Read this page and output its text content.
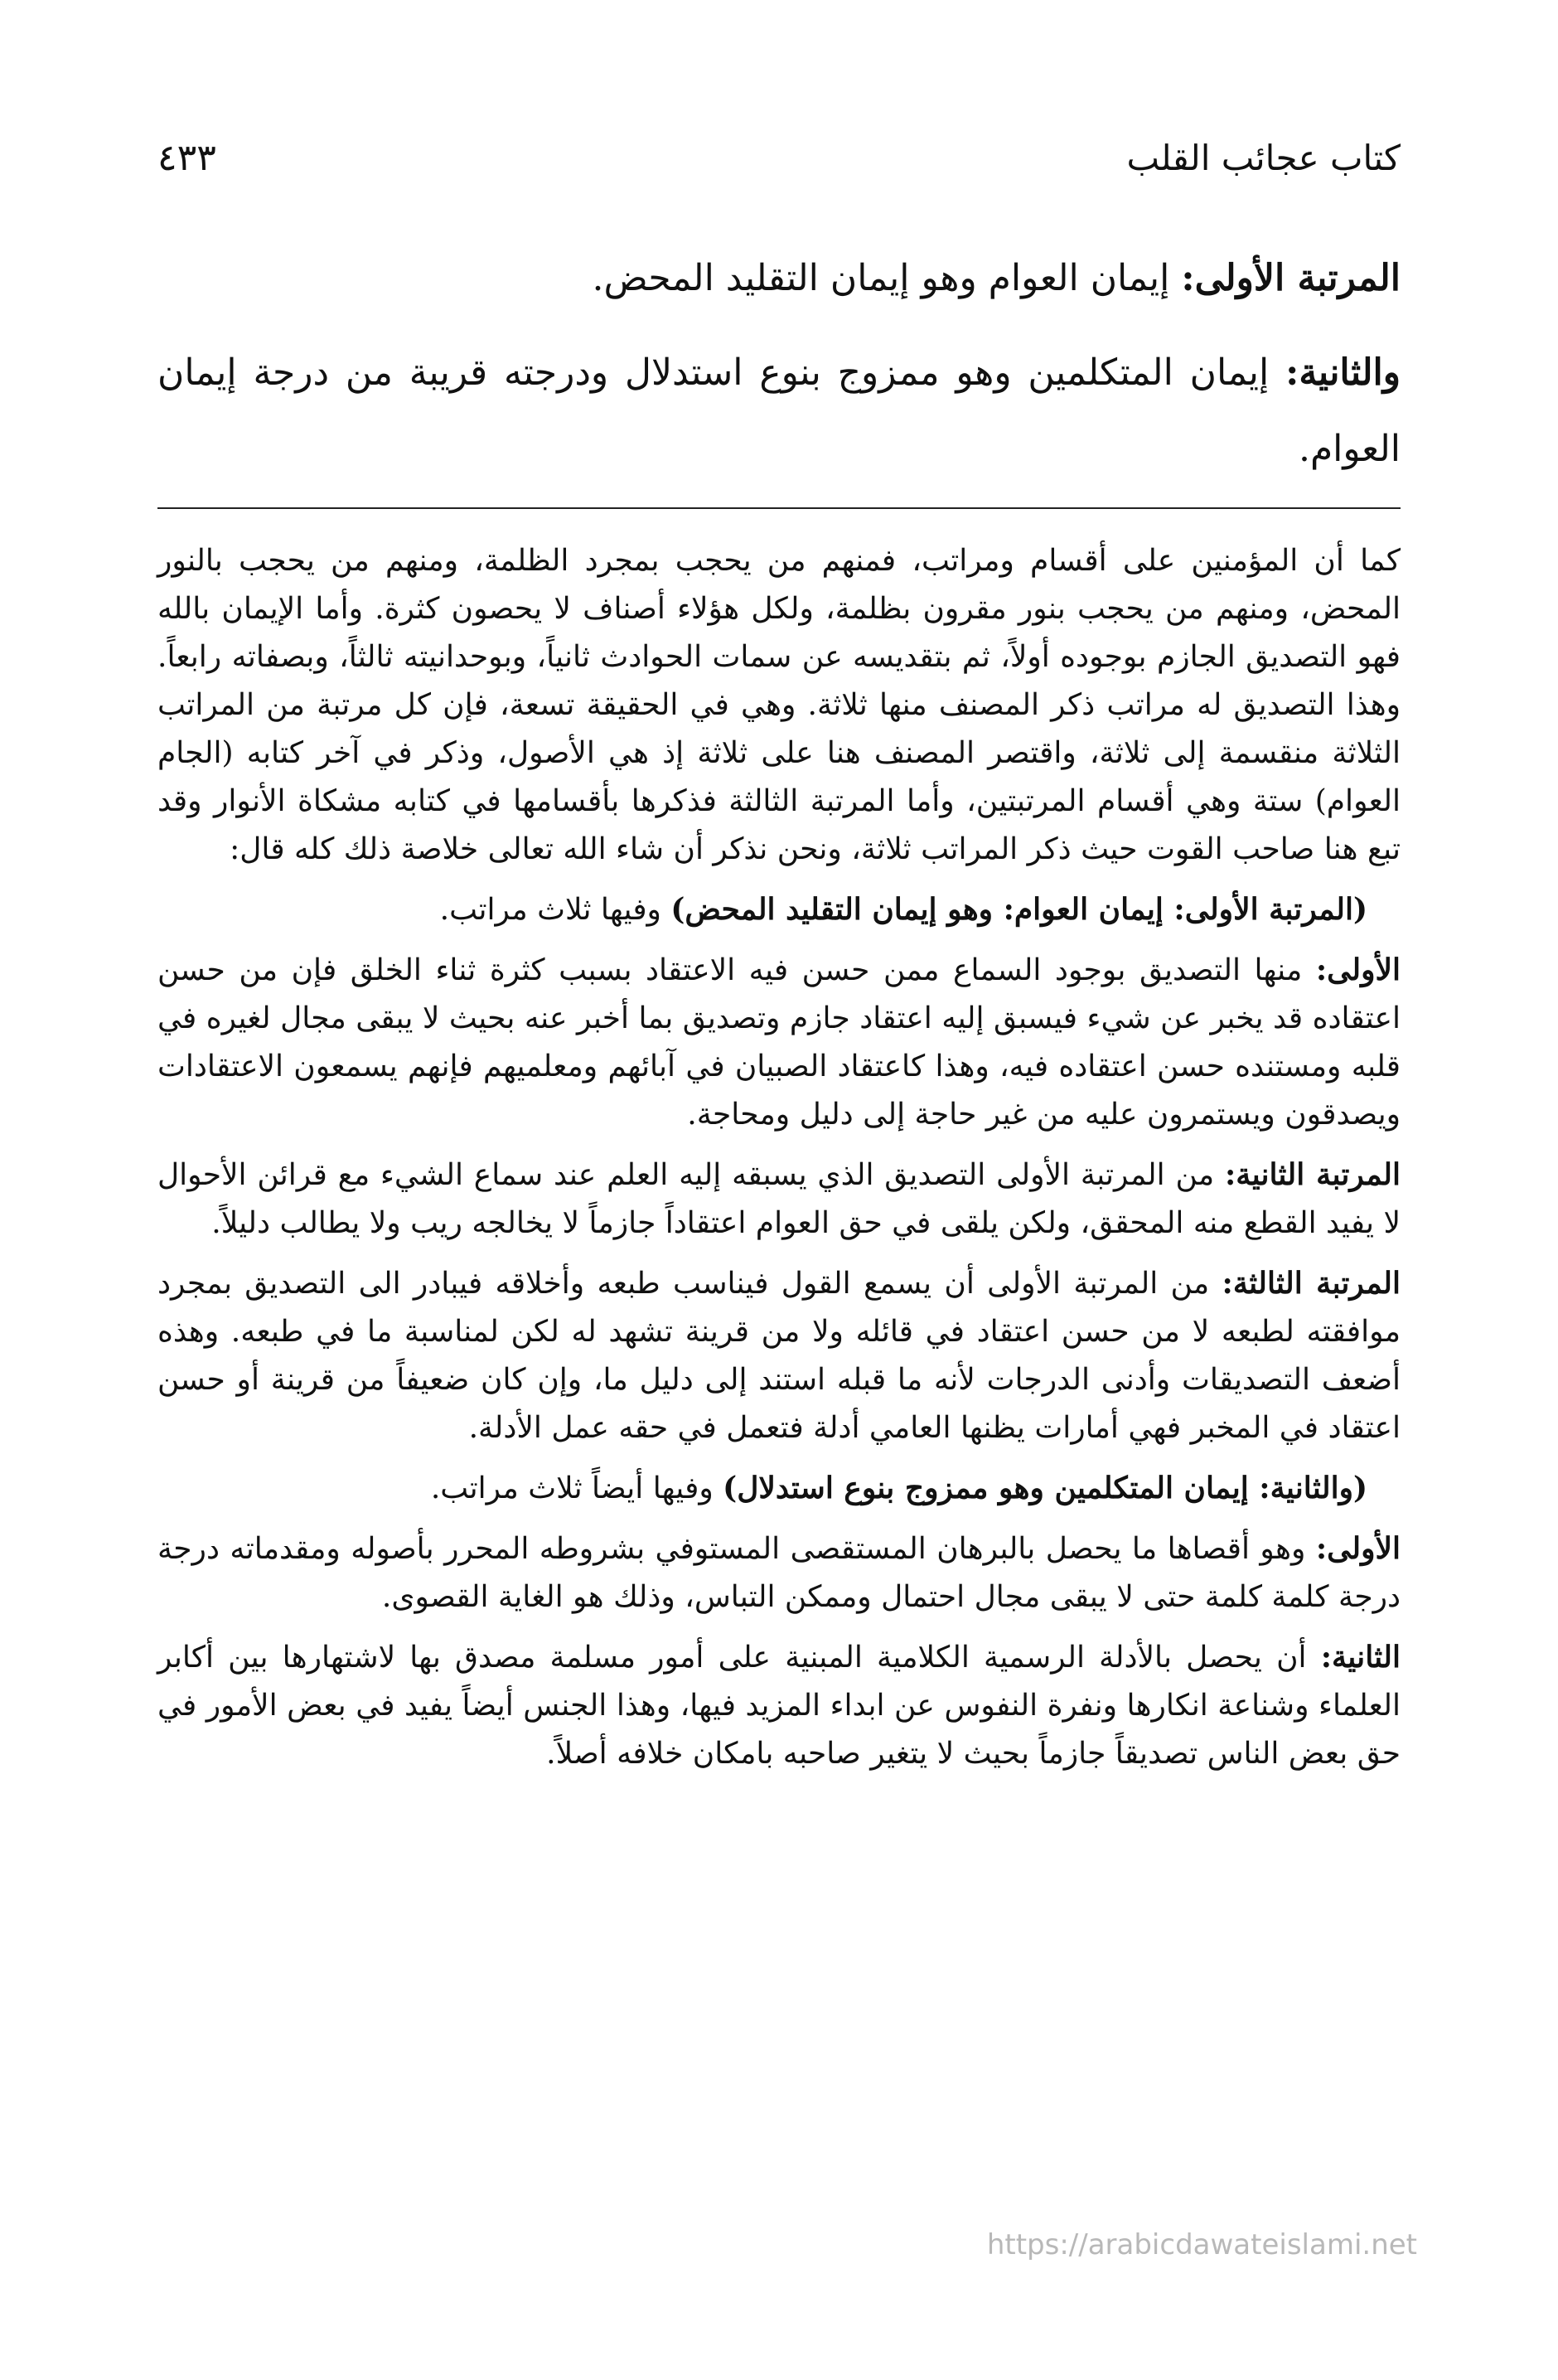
كتاب عجائب القلب
٤٣٣

المرتبة الأولى: إيمان العوام وهو إيمان التقليد المحض.

والثانية: إيمان المتكلمين وهو ممزوج بنوع استدلال ودرجته قريبة من درجة إيمان العوام.

كما أن المؤمنين على أقسام ومراتب، فمنهم من يحجب بمجرد الظلمة، ومنهم من يحجب بالنور المحض، ومنهم من يحجب بنور مقرون بظلمة، ولكل هؤلاء أصناف لا يحصون كثرة. وأما الإيمان بالله فهو التصديق الجازم بوجوده أولاً، ثم بتقديسه عن سمات الحوادث ثانياً، وبوحدانيته ثالثاً، وبصفاته رابعاً. وهذا التصديق له مراتب ذكر المصنف منها ثلاثة. وهي في الحقيقة تسعة، فإن كل مرتبة من المراتب الثلاثة منقسمة إلى ثلاثة، واقتصر المصنف هنا على ثلاثة إذ هي الأصول، وذكر في آخر كتابه (الجام العوام) ستة وهي أقسام المرتبتين، وأما المرتبة الثالثة فذكرها بأقسامها في كتابه مشكاة الأنوار وقد تبع هنا صاحب القوت حيث ذكر المراتب ثلاثة، ونحن نذكر أن شاء الله تعالى خلاصة ذلك كله قال:

(المرتبة الأولى: إيمان العوام: وهو إيمان التقليد المحض) وفيها ثلاث مراتب.

الأولى: منها التصديق بوجود السماع ممن حسن فيه الاعتقاد بسبب كثرة ثناء الخلق فإن من حسن اعتقاده قد يخبر عن شيء فيسبق إليه اعتقاد جازم وتصديق بما أخبر عنه بحيث لا يبقى مجال لغيره في قلبه ومستنده حسن اعتقاده فيه، وهذا كاعتقاد الصبيان في آبائهم ومعلميهم فإنهم يسمعون الاعتقادات ويصدقون ويستمرون عليه من غير حاجة إلى دليل ومحاجة.

المرتبة الثانية: من المرتبة الأولى التصديق الذي يسبقه إليه العلم عند سماع الشيء مع قرائن الأحوال لا يفيد القطع منه المحقق، ولكن يلقى في حق العوام اعتقاداً جازماً لا يخالجه ريب ولا يطالب دليلاً.

المرتبة الثالثة: من المرتبة الأولى أن يسمع القول فيناسب طبعه وأخلاقه فيبادر الى التصديق بمجرد موافقته لطبعه لا من حسن اعتقاد في قائله ولا من قرينة تشهد له لكن لمناسبة ما في طبعه. وهذه أضعف التصديقات وأدنى الدرجات لأنه ما قبله استند إلى دليل ما، وإن كان ضعيفاً من قرينة أو حسن اعتقاد في المخبر فهي أمارات يظنها العامي أدلة فتعمل في حقه عمل الأدلة.

(والثانية: إيمان المتكلمين وهو ممزوج بنوع استدلال) وفيها أيضاً ثلاث مراتب.

الأولى: وهو أقصاها ما يحصل بالبرهان المستقصى المستوفي بشروطه المحرر بأصوله ومقدماته درجة درجة كلمة كلمة حتى لا يبقى مجال احتمال وممكن التباس، وذلك هو الغاية القصوى.

الثانية: أن يحصل بالأدلة الرسمية الكلامية المبنية على أمور مسلمة مصدق بها لاشتهارها بين أكابر العلماء وشناعة انكارها ونفرة النفوس عن ابداء المزيد فيها، وهذا الجنس أيضاً يفيد في بعض الأمور في حق بعض الناس تصديقاً جازماً بحيث لا يتغير صاحبه بامكان خلافه أصلاً.

https://arabicdawateislami.net
